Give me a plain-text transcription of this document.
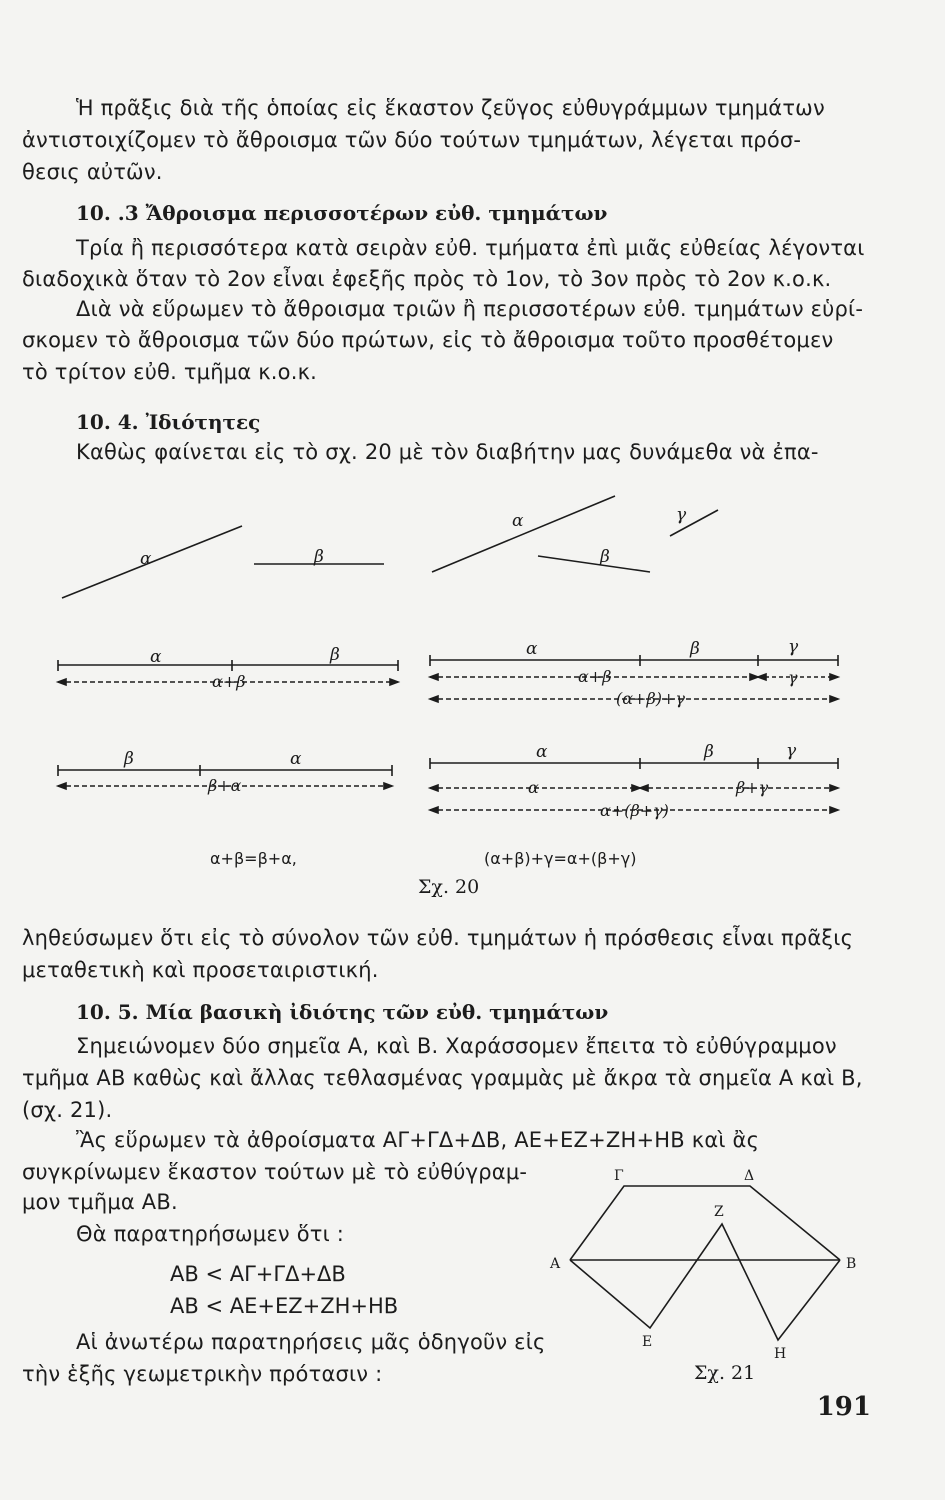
Ἡ πρᾶξις διὰ τῆς ὁποίας εἰς ἕκαστον ζεῦγος εὐθυγράμμων τμημάτων
ἀντιστοιχίζομεν τὸ ἄθροισμα τῶν δύο τούτων τμημάτων, λέγεται πρόσ-
θεσις αὐτῶν.
10. .3 Ἄθροισμα περισσοτέρων εὐθ. τμημάτων
Τρία ἢ περισσότερα κατὰ σειρὰν εὐθ. τμήματα ἐπὶ μιᾶς εὐθείας λέγονται
διαδοχικὰ ὅταν τὸ 2ον εἶναι ἐφεξῆς πρὸς τὸ 1ον, τὸ 3ον πρὸς τὸ 2ον κ.ο.κ.
Διὰ νὰ εὕρωμεν τὸ ἄθροισμα τριῶν ἢ περισσοτέρων εὐθ. τμημάτων εὑρί-
σκομεν τὸ ἄθροισμα τῶν δύο πρώτων, εἰς τὸ ἄθροισμα τοῦτο προσθέτομεν
τὸ τρίτον εὐθ. τμῆμα κ.ο.κ.
10. 4. Ἰδιότητες
Καθὼς φαίνεται εἰς τὸ σχ. 20 μὲ τὸν διαβήτην μας δυνάμεθα νὰ ἐπα-
α	β
α
β
γ
α	β
α+β
α	β	γ
α+β	γ
(α+β)+γ
β	α
β+α
α	β	γ
α	β+γ
α+(β+γ)
α+β=β+α,	(α+β)+γ=α+(β+γ)
Σχ. 20
ληθεύσωμεν ὅτι εἰς τὸ σύνολον τῶν εὐθ. τμημάτων ἡ πρόσθεσις εἶναι πρᾶξις
μεταθετικὴ καὶ προσεταιριστική.
10. 5. Μία βασικὴ ἰδιότης τῶν εὐθ. τμημάτων
Σημειώνομεν δύο σημεῖα Α, καὶ Β. Χαράσσομεν ἔπειτα τὸ εὐθύγραμμον
τμῆμα ΑΒ καθὼς καὶ ἄλλας τεθλασμένας γραμμὰς μὲ ἄκρα τὰ σημεῖα Α καὶ Β,
(σχ. 21).
Ἂς εὕρωμεν τὰ ἀθροίσματα ΑΓ+ΓΔ+ΔΒ, ΑΕ+ΕΖ+ΖΗ+ΗΒ καὶ ἂς
συγκρίνωμεν ἕκαστον τούτων μὲ τὸ εὐθύγραμ-
μον τμῆμα ΑΒ.
Θὰ παρατηρήσωμεν ὅτι :
ΑΒ < ΑΓ+ΓΔ+ΔΒ
ΑΒ < ΑΕ+ΕΖ+ΖΗ+ΗΒ
Αἱ ἀνωτέρω παρατηρήσεις μᾶς ὁδηγοῦν εἰς
τὴν ἑξῆς γεωμετρικὴν πρότασιν :
Γ	Δ
Α	Β
Ζ
Ε
Η
Σχ. 21
191
